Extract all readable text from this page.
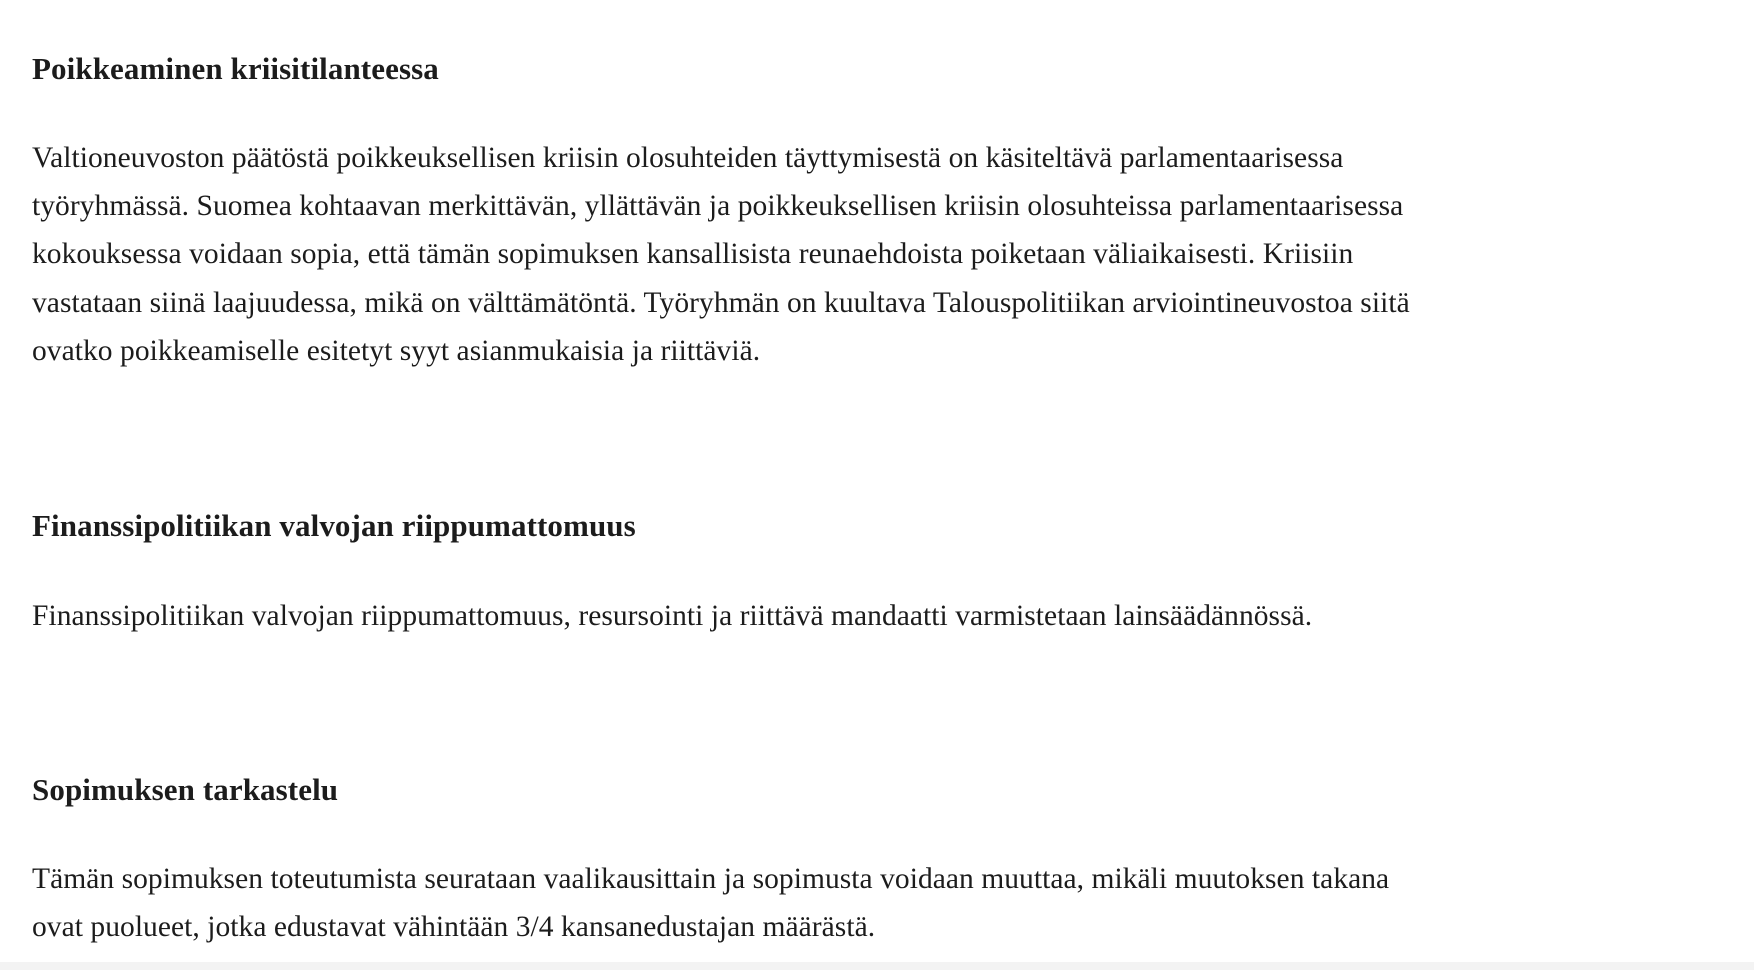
Poikkeaminen kriisitilanteessa

Valtioneuvoston päätöstä poikkeuksellisen kriisin olosuhteiden täyttymisestä on käsiteltävä parlamentaarisessa
työryhmässä. Suomea kohtaavan merkittävän, yllättävän ja poikkeuksellisen kriisin olosuhteissa parlamentaarisessa
kokouksessa voidaan sopia, että tämän sopimuksen kansallisista reunaehdoista poiketaan väliaikaisesti. Kriisiin
vastataan siinä laajuudessa, mikä on välttämätöntä. Työryhmän on kuultava Talouspolitiikan arviointineuvostoa siitä
ovatko poikkeamiselle esitetyt syyt asianmukaisia ja riittäviä.

Finanssipolitiikan valvojan riippumattomuus

Finanssipolitiikan valvojan riippumattomuus, resursointi ja riittävä mandaatti varmistetaan lainsäädännössä.

Sopimuksen tarkastelu

Tämän sopimuksen toteutumista seurataan vaalikausittain ja sopimusta voidaan muuttaa, mikäli muutoksen takana
ovat puolueet, jotka edustavat vähintään 3/4 kansanedustajan määrästä.
